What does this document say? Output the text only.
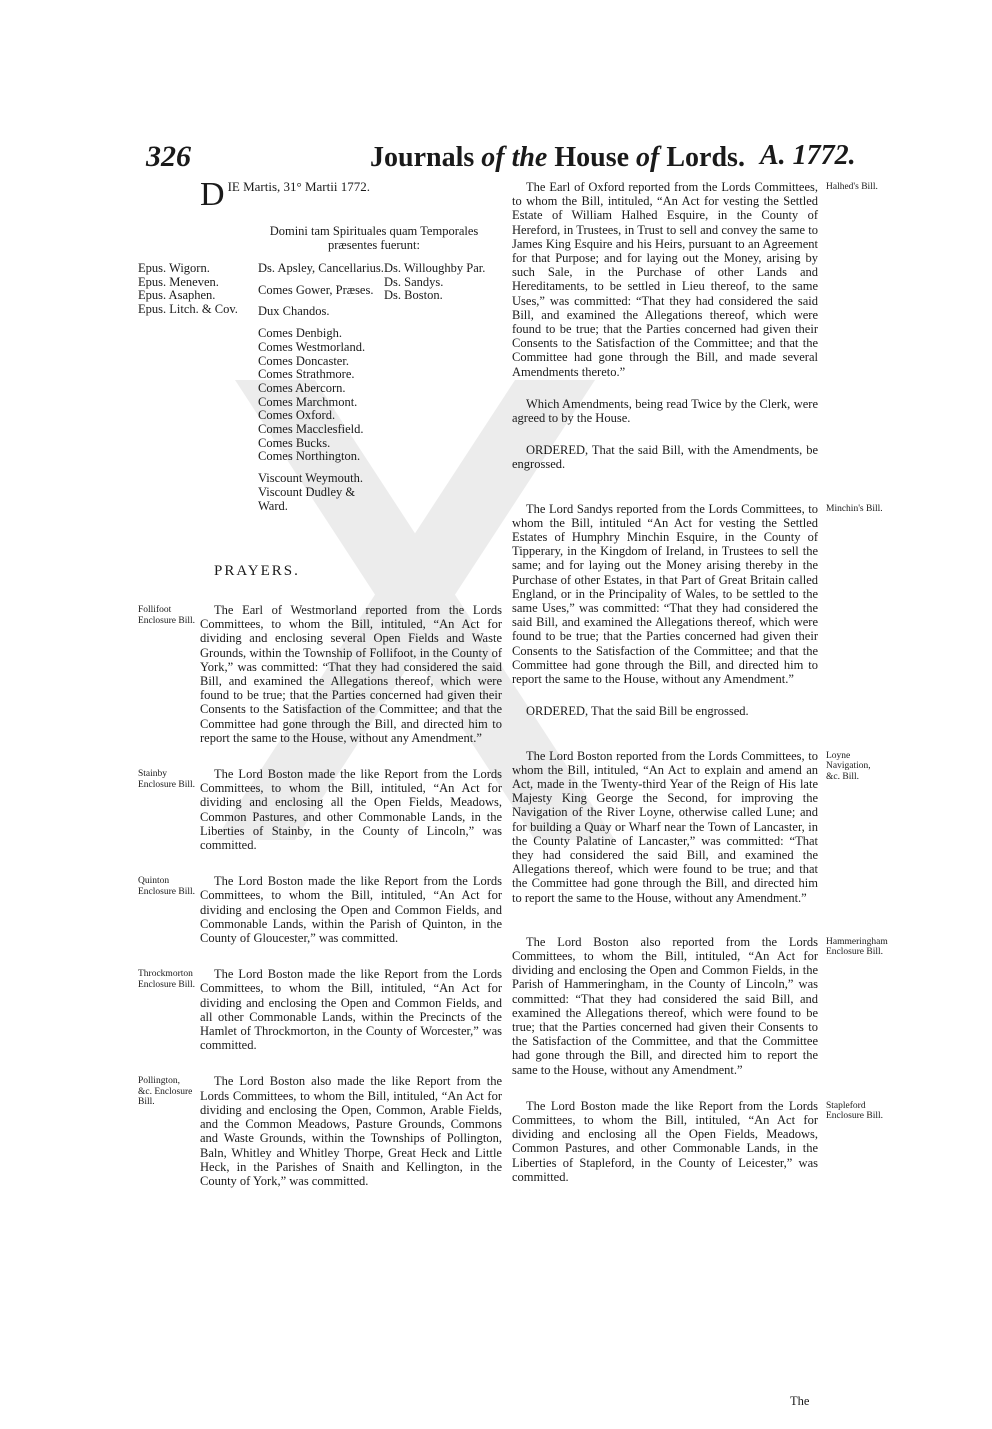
326	Journals of the House of Lords. A. 1772.
D IE Martis, 31° Martii 1772.
Domini tam Spirituales quam Temporales præsentes fuerunt:
Epus. Wigorn.
Epus. Meneven.
Epus. Asaphen.
Epus. Litch. & Cov.
Ds. Apsley, Cancellarius.
Comes Gower, Præses.
Dux Chandos.
Comes Denbigh.
Comes Westmorland.
Comes Doncaster.
Comes Strathmore.
Comes Abercorn.
Comes Marchmont.
Comes Oxford.
Comes Macclesfield.
Comes Bucks.
Comes Northington.
Viscount Weymouth.
Viscount Dudley & Ward.
Ds. Willoughby Par.
Ds. Sandys.
Ds. Boston.
PRAYERS.

The Earl of Westmorland reported from the Lords Committees, to whom the Bill, intituled, “An Act for dividing and enclosing several Open Fields and Waste Grounds, within the Township of Follifoot, in the County of York,” was committed: “That they had considered the said Bill, and examined the Allegations thereof, which were found to be true; that the Parties concerned had given their Consents to the Satisfaction of the Committee; and that the Committee had gone through the Bill, and directed him to report the same to the House, without any Amendment.”

Follifoot Enclosure Bill.

The Lord Boston made the like Report from the Lords Committees, to whom the Bill, intituled, “An Act for dividing and enclosing all the Open Fields, Meadows, Common Pastures, and other Commonable Lands, in the Liberties of Stainby, in the County of Lincoln,” was committed.

Stainby Enclosure Bill.

The Lord Boston made the like Report from the Lords Committees, to whom the Bill, intituled, “An Act for dividing and enclosing the Open and Common Fields, and Commonable Lands, within the Parish of Quinton, in the County of Gloucester,” was committed.

Quinton Enclosure Bill.

The Lord Boston made the like Report from the Lords Committees, to whom the Bill, intituled, “An Act for dividing and enclosing the Open and Common Fields, and all other Commonable Lands, within the Precincts of the Hamlet of Throckmorton, in the County of Worcester,” was committed.

Throckmorton Enclosure Bill.

The Lord Boston also made the like Report from the Lords Committees, to whom the Bill, intituled, “An Act for dividing and enclosing the Open, Common, Arable Fields, and the Common Meadows, Pasture Grounds, Commons and Waste Grounds, within the Townships of Pollington, Baln, Whitley and Whitley Thorpe, Great Heck and Little Heck, in the Parishes of Snaith and Kellington, in the County of York,” was committed.

Pollington, &c. Enclosure Bill.

The Earl of Oxford reported from the Lords Committees, to whom the Bill, intituled, “An Act for vesting the Settled Estate of William Halhed Esquire, in the County of Hereford, in Trustees, in Trust to sell and convey the same to James King Esquire and his Heirs, pursuant to an Agreement for that Purpose; and for laying out the Money, arising by such Sale, in the Purchase of other Lands and Hereditaments, to be settled in Lieu thereof, to the same Uses,” was committed: “That they had considered the said Bill, and examined the Allegations thereof, which were found to be true; that the Parties concerned had given their Consents to the Satisfaction of the Committee; and that the Committee had gone through the Bill, and made several Amendments thereto.”

Halhed's Bill.

Which Amendments, being read Twice by the Clerk, were agreed to by the House.

ORDERED, That the said Bill, with the Amendments, be engrossed.

The Lord Sandys reported from the Lords Committees, to whom the Bill, intituled “An Act for vesting the Settled Estates of Humphry Minchin Esquire, in the County of Tipperary, in the Kingdom of Ireland, in Trustees to sell the same; and for laying out the Money arising thereby in the Purchase of other Estates, in that Part of Great Britain called England, or in the Principality of Wales, to be settled to the same Uses,” was committed: “That they had considered the said Bill, and examined the Allegations thereof, which were found to be true; that the Parties concerned had given their Consents to the Satisfaction of the Committee; and that the Committee had gone through the Bill, and directed him to report the same to the House, without any Amendment.”

Minchin's Bill.

ORDERED, That the said Bill be engrossed.

The Lord Boston reported from the Lords Committees, to whom the Bill, intituled, “An Act to explain and amend an Act, made in the Twenty-third Year of the Reign of His late Majesty King George the Second, for improving the Navigation of the River Loyne, otherwise called Lune; and for building a Quay or Wharf near the Town of Lancaster, in the County Palatine of Lancaster,” was committed: “That they had considered the said Bill, and examined the Allegations thereof, which were found to be true; and that the Committee had gone through the Bill, and directed him to report the same to the House, without any Amendment.”

Loyne Navigation, &c. Bill.

The Lord Boston also reported from the Lords Committees, to whom the Bill, intituled, “An Act for dividing and enclosing the Open and Common Fields, in the Parish of Hammeringham, in the County of Lincoln,” was committed: “That they had considered the said Bill, and examined the Allegations thereof, which were found to be true; that the Parties concerned had given their Consents to the Satisfaction of the Committee, and that the Committee had gone through the Bill, and directed him to report the same to the House, without any Amendment.”

Hammeringham Enclosure Bill.

The Lord Boston made the like Report from the Lords Committees, to whom the Bill, intituled, “An Act for dividing and enclosing all the Open Fields, Meadows, Common Pastures, and other Commonable Lands, in the Liberties of Stapleford, in the County of Leicester,” was committed.

Stapleford Enclosure Bill.
The
